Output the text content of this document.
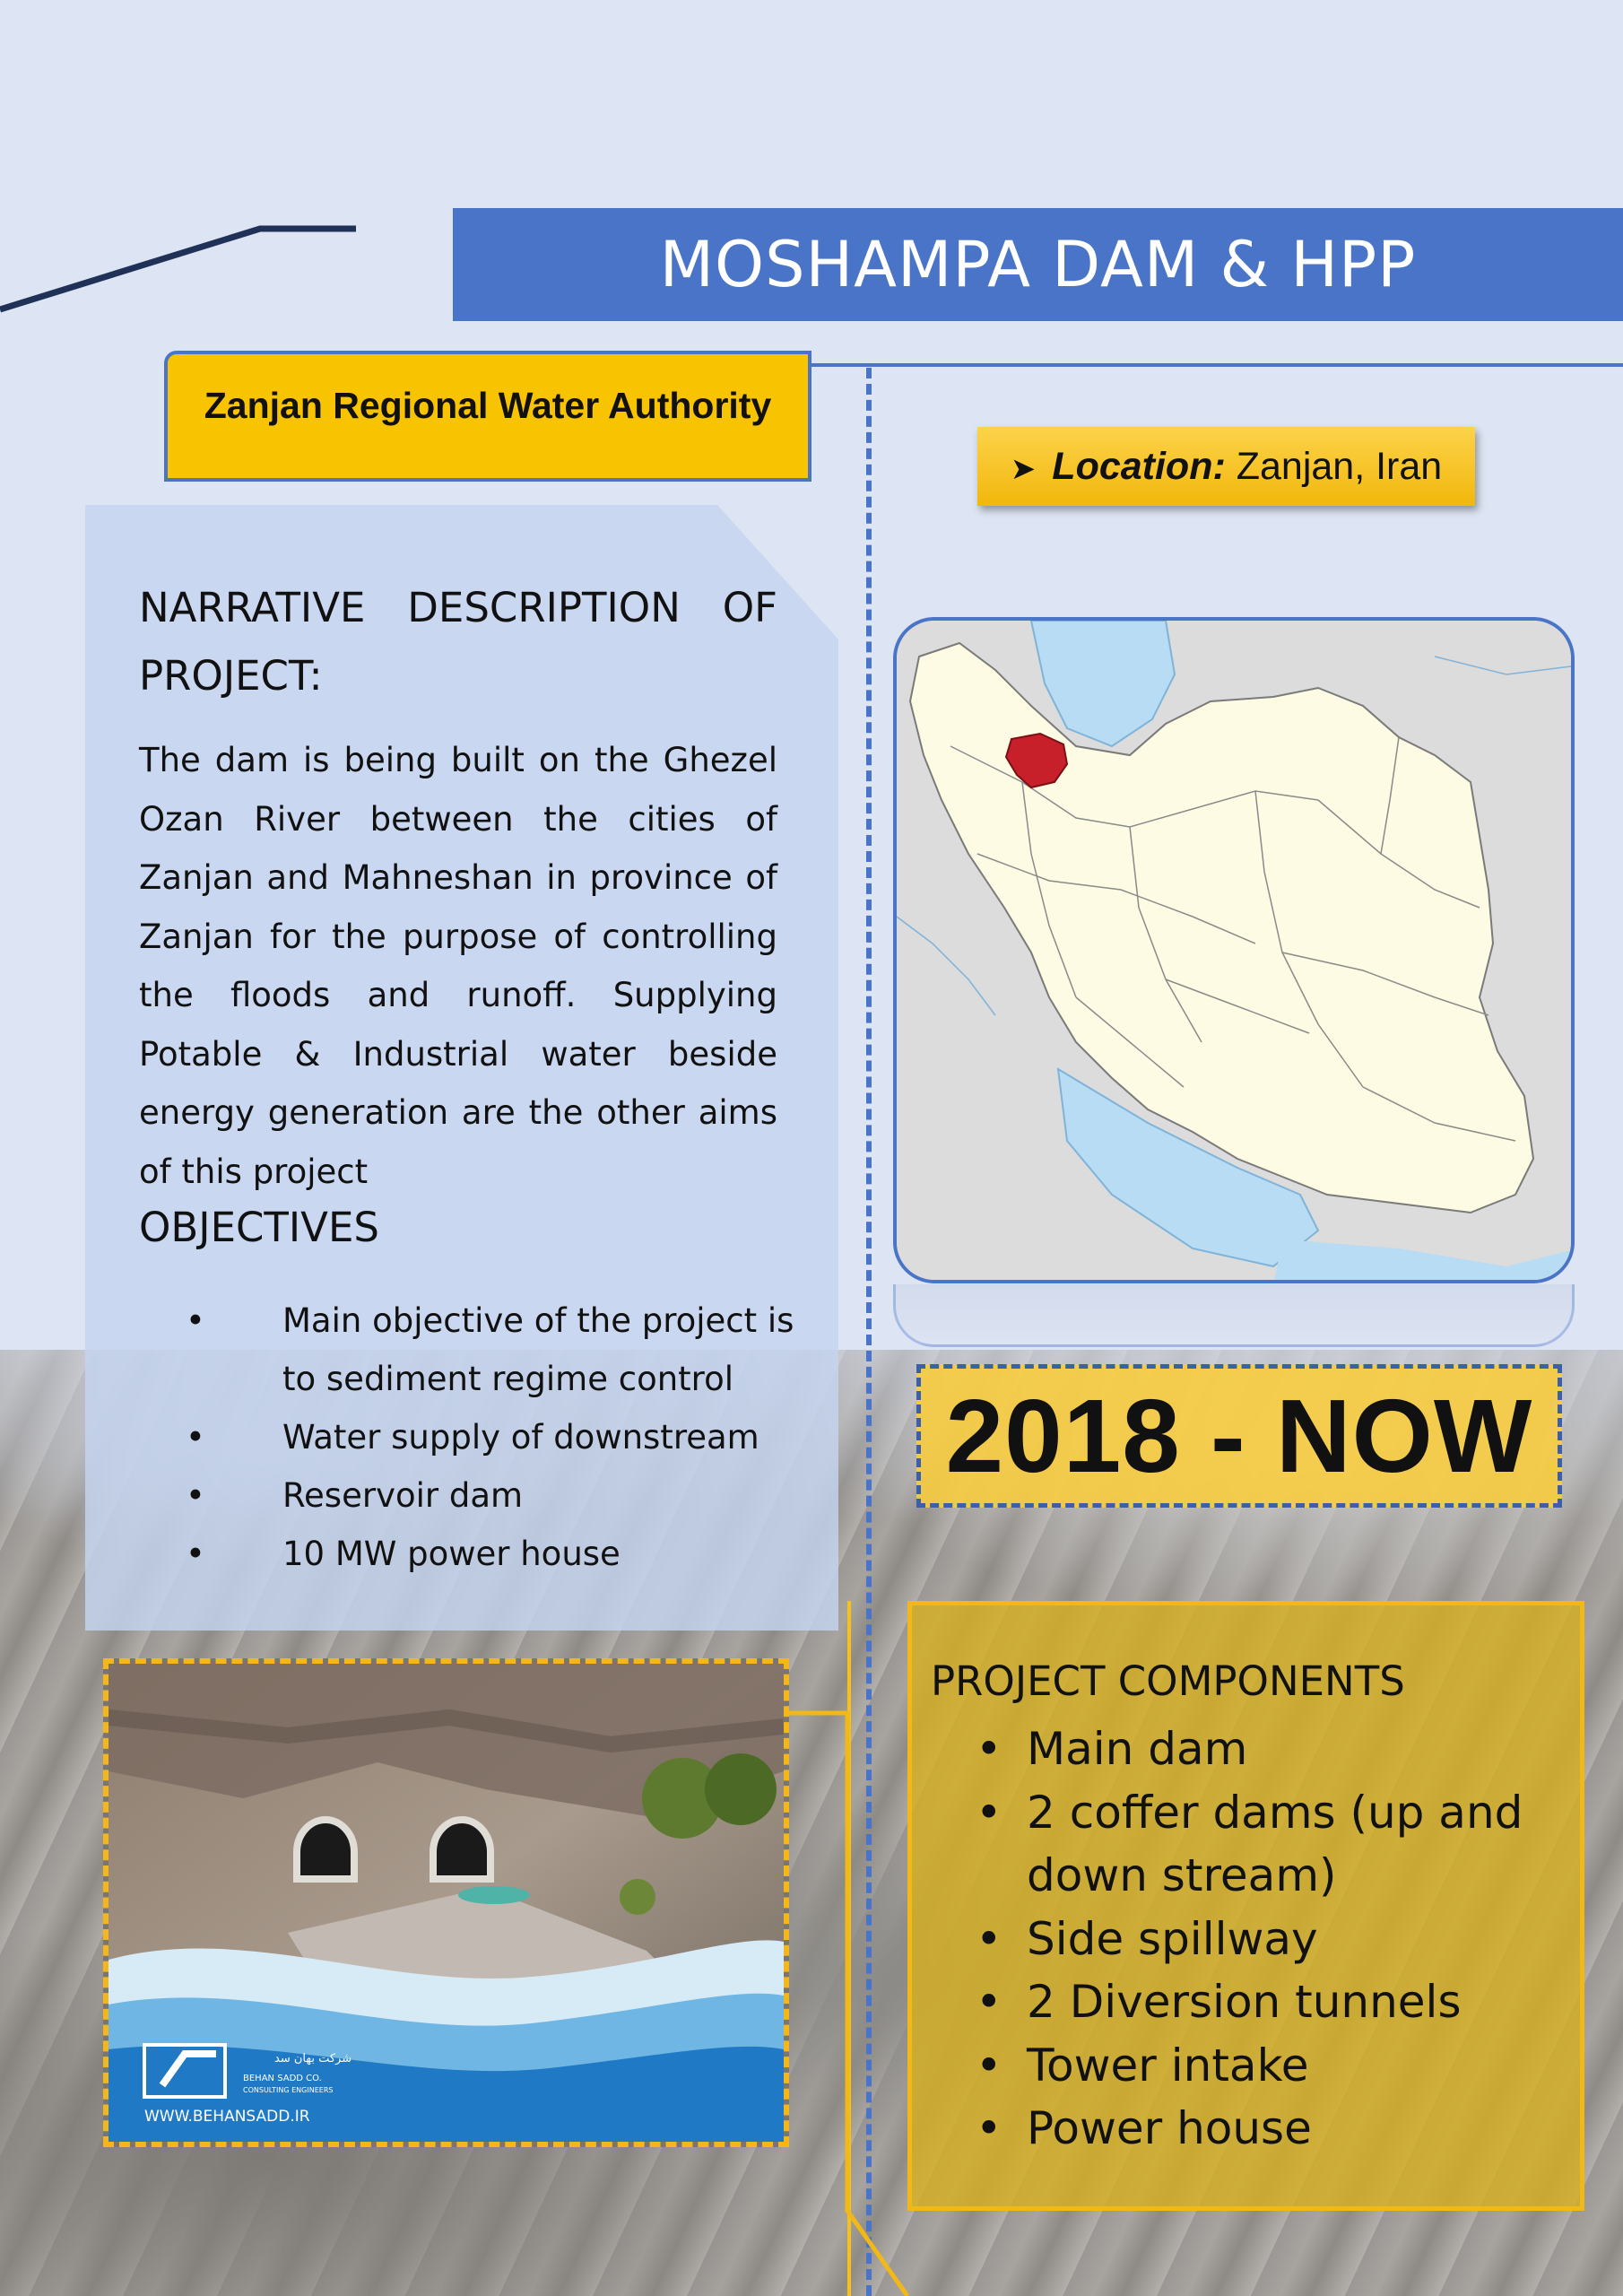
MOSHAMPA DAM & HPP
Zanjan Regional Water Authority
➤ Location: Zanjan, Iran
NARRATIVE DESCRIPTION OF PROJECT:
The dam is being built on the Ghezel Ozan River between the cities of Zanjan and Mahneshan in province of Zanjan for the purpose of controlling the floods and runoff. Supplying Potable & Industrial water beside energy generation are the other aims of this project
OBJECTIVES
• Main objective of the project is to sediment regime control
• Water supply of downstream
• Reservoir dam
• 10 MW power house
2018 - NOW
شرکت بهان سد
BEHAN SADD CO.
CONSULTING ENGINEERS
WWW.BEHANSADD.IR
PROJECT COMPONENTS
• Main dam
• 2 coffer dams (up and down stream)
• Side spillway
• 2 Diversion tunnels
• Tower intake
• Power house
